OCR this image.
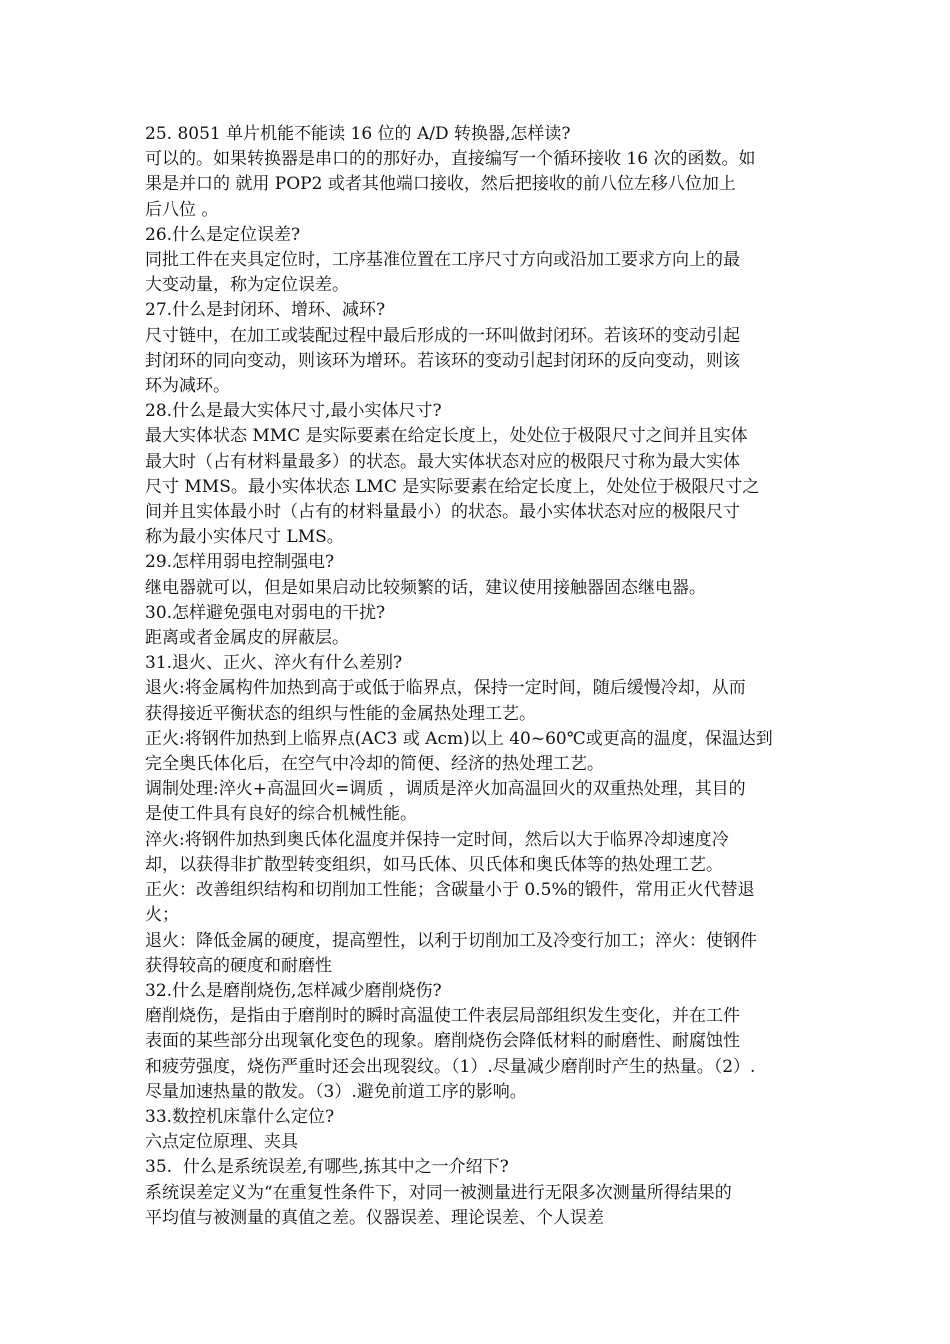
25. 8051 单片机能不能读 16 位的 A/D 转换器,怎样读?
可以的。如果转换器是串口的的那好办，直接编写一个循环接收 16 次的函数。如
果是并口的 就用 POP2 或者其他端口接收，然后把接收的前八位左移八位加上
后八位 。
26.什么是定位误差?
同批工件在夹具定位时，工序基准位置在工序尺寸方向或沿加工要求方向上的最
大变动量，称为定位误差。
27.什么是封闭环、增环、减环?
尺寸链中，在加工或装配过程中最后形成的一环叫做封闭环。若该环的变动引起
封闭环的同向变动，则该环为增环。若该环的变动引起封闭环的反向变动，则该
环为减环。
28.什么是最大实体尺寸,最小实体尺寸?
最大实体状态 MMC 是实际要素在给定长度上，处处位于极限尺寸之间并且实体
最大时（占有材料量最多）的状态。最大实体状态对应的极限尺寸称为最大实体
尺寸 MMS。最小实体状态 LMC 是实际要素在给定长度上，处处位于极限尺寸之
间并且实体最小时（占有的材料量最小）的状态。最小实体状态对应的极限尺寸
称为最小实体尺寸 LMS。
29.怎样用弱电控制强电?
继电器就可以，但是如果启动比较频繁的话，建议使用接触器固态继电器。
30.怎样避免强电对弱电的干扰?
距离或者金属皮的屏蔽层。
31.退火、正火、淬火有什么差别?
退火:将金属构件加热到高于或低于临界点，保持一定时间，随后缓慢冷却，从而
获得接近平衡状态的组织与性能的金属热处理工艺。
正火:将钢件加热到上临界点(AC3 或 Acm)以上 40~60℃或更高的温度，保温达到
完全奥氏体化后，在空气中冷却的简便、经济的热处理工艺。
调制处理:淬火+高温回火=调质 ，调质是淬火加高温回火的双重热处理，其目的
是使工件具有良好的综合机械性能。
淬火:将钢件加热到奥氏体化温度并保持一定时间，然后以大于临界冷却速度冷
却，以获得非扩散型转变组织，如马氏体、贝氏体和奥氏体等的热处理工艺。
正火：改善组织结构和切削加工性能；含碳量小于 0.5%的锻件，常用正火代替退
火；
退火：降低金属的硬度，提高塑性，以利于切削加工及冷变行加工；淬火：使钢件
获得较高的硬度和耐磨性
32.什么是磨削烧伤,怎样减少磨削烧伤?
磨削烧伤，是指由于磨削时的瞬时高温使工件表层局部组织发生变化，并在工件
表面的某些部分出现氧化变色的现象。磨削烧伤会降低材料的耐磨性、耐腐蚀性
和疲劳强度，烧伤严重时还会出现裂纹。（1）.尽量减少磨削时产生的热量。（2）.
尽量加速热量的散发。（3）.避免前道工序的影响。
33.数控机床靠什么定位?
六点定位原理、夹具
35.  什么是系统误差,有哪些,拣其中之一介绍下?
系统误差定义为“在重复性条件下，对同一被测量进行无限多次测量所得结果的
平均值与被测量的真值之差。仪器误差、理论误差、个人误差
